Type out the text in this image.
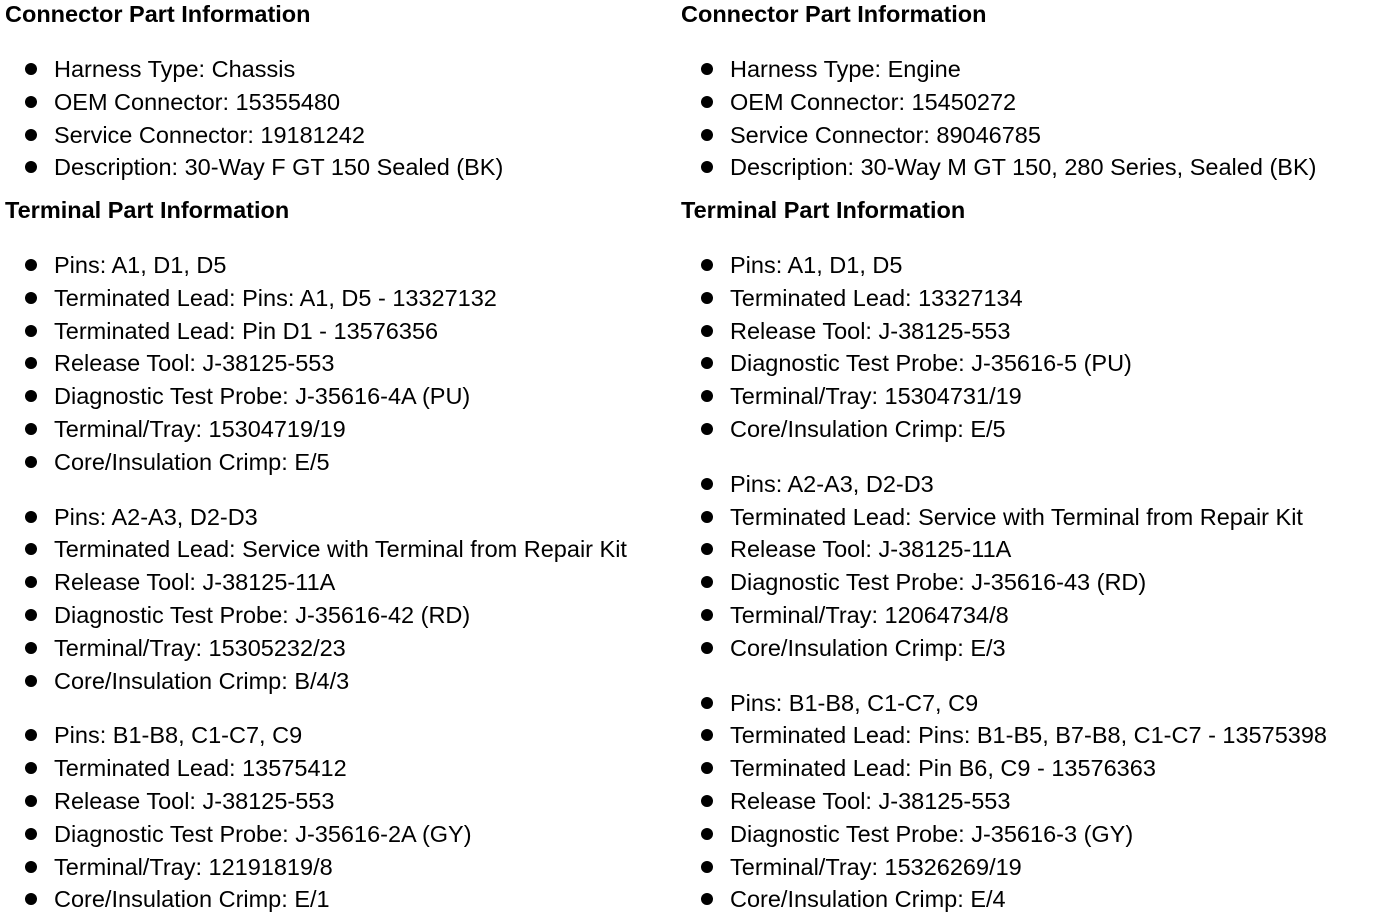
Connector Part Information
Harness Type: Chassis
OEM Connector: 15355480
Service Connector: 19181242
Description: 30-Way F GT 150 Sealed (BK)
Terminal Part Information
Pins: A1, D1, D5
Terminated Lead: Pins: A1, D5 - 13327132
Terminated Lead: Pin D1 - 13576356
Release Tool: J-38125-553
Diagnostic Test Probe: J-35616-4A (PU)
Terminal/Tray: 15304719/19
Core/Insulation Crimp: E/5
Pins: A2-A3, D2-D3
Terminated Lead: Service with Terminal from Repair Kit
Release Tool: J-38125-11A
Diagnostic Test Probe: J-35616-42 (RD)
Terminal/Tray: 15305232/23
Core/Insulation Crimp: B/4/3
Pins: B1-B8, C1-C7, C9
Terminated Lead: 13575412
Release Tool: J-38125-553
Diagnostic Test Probe: J-35616-2A (GY)
Terminal/Tray: 12191819/8
Core/Insulation Crimp: E/1
Connector Part Information
Harness Type: Engine
OEM Connector: 15450272
Service Connector: 89046785
Description: 30-Way M GT 150, 280 Series, Sealed (BK)
Terminal Part Information
Pins: A1, D1, D5
Terminated Lead: 13327134
Release Tool: J-38125-553
Diagnostic Test Probe: J-35616-5 (PU)
Terminal/Tray: 15304731/19
Core/Insulation Crimp: E/5
Pins: A2-A3, D2-D3
Terminated Lead: Service with Terminal from Repair Kit
Release Tool: J-38125-11A
Diagnostic Test Probe: J-35616-43 (RD)
Terminal/Tray: 12064734/8
Core/Insulation Crimp: E/3
Pins: B1-B8, C1-C7, C9
Terminated Lead: Pins: B1-B5, B7-B8, C1-C7 - 13575398
Terminated Lead: Pin B6, C9 - 13576363
Release Tool: J-38125-553
Diagnostic Test Probe: J-35616-3 (GY)
Terminal/Tray: 15326269/19
Core/Insulation Crimp: E/4
